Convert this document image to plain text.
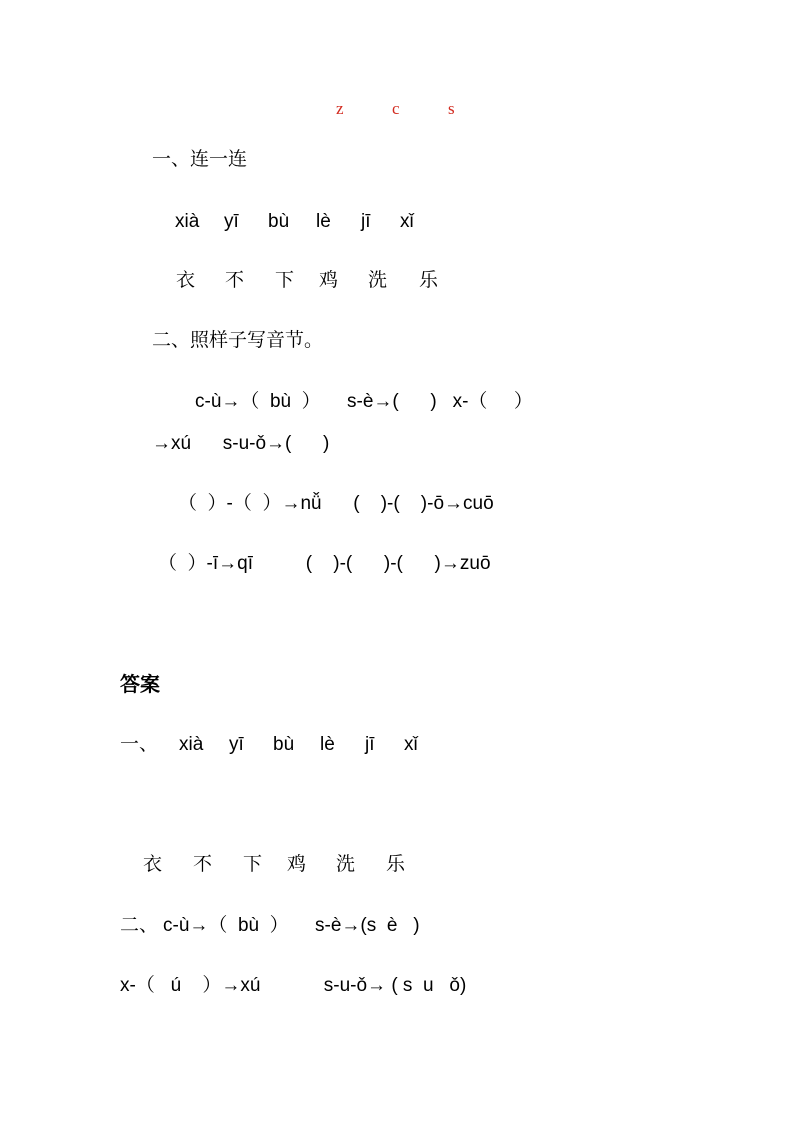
z	c	s
一、连一连
xià yī bù lè jī xǐ
衣 不 下 鸡 洗 乐
二、照样子写音节。
c-ù→（  bù  ）     s-è→(      )   x-（     ）
→xú      s-u-ǒ→(      )
（  ）-（  ）→nǚ      (    )-(    )-ō→cuō
（  ）-ī→qī          (    )-(      )-(      )→zuō
答案
一、 xià yī bù lè jī xǐ
衣 不 下 鸡 洗 乐
二、 c-ù→（  bù  ）     s-è→(s  è   )
x-（   ú    ）→xú            s-u-ǒ→ ( s  u   ǒ)
